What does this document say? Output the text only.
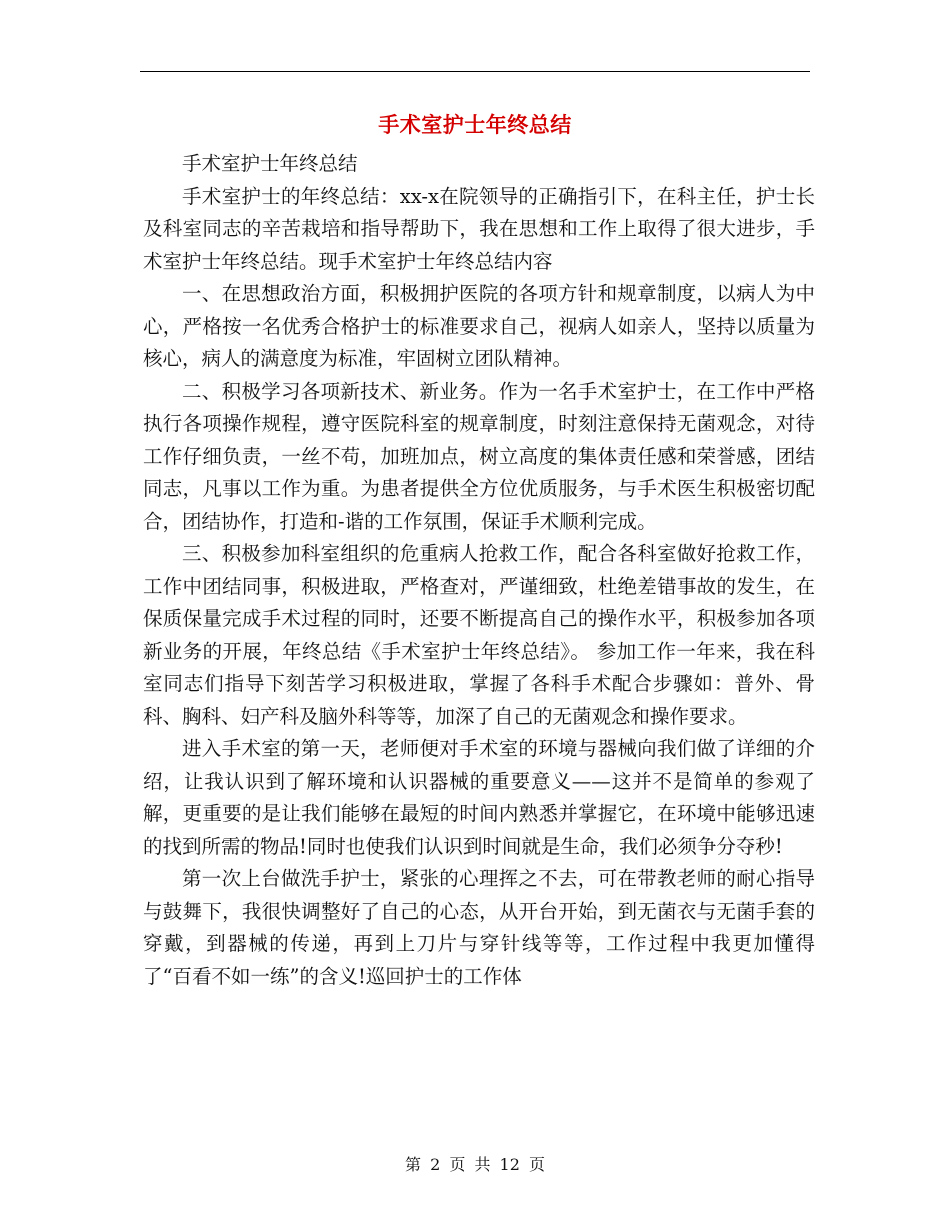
手术室护士年终总结

手术室护士年终总结

手术室护士的年终总结：xx-x在院领导的正确指引下，在科主任，护士长及科室同志的辛苦栽培和指导帮助下，我在思想和工作上取得了很大进步，手术室护士年终总结。现手术室护士年终总结内容

一、在思想政治方面，积极拥护医院的各项方针和规章制度，以病人为中心，严格按一名优秀合格护士的标准要求自己，视病人如亲人，坚持以质量为核心，病人的满意度为标准，牢固树立团队精神。

二、积极学习各项新技术、新业务。作为一名手术室护士，在工作中严格执行各项操作规程，遵守医院科室的规章制度，时刻注意保持无菌观念，对待工作仔细负责，一丝不苟，加班加点，树立高度的集体责任感和荣誉感，团结同志，凡事以工作为重。为患者提供全方位优质服务，与手术医生积极密切配合，团结协作，打造和-谐的工作氛围，保证手术顺利完成。

三、积极参加科室组织的危重病人抢救工作，配合各科室做好抢救工作，工作中团结同事，积极进取，严格查对，严谨细致，杜绝差错事故的发生，在保质保量完成手术过程的同时，还要不断提高自己的操作水平，积极参加各项新业务的开展，年终总结《手术室护士年终总结》。 参加工作一年来，我在科室同志们指导下刻苦学习积极进取，掌握了各科手术配合步骤如：普外、骨科、胸科、妇产科及脑外科等等，加深了自己的无菌观念和操作要求。

进入手术室的第一天，老师便对手术室的环境与器械向我们做了详细的介绍，让我认识到了解环境和认识器械的重要意义——这并不是简单的参观了解，更重要的是让我们能够在最短的时间内熟悉并掌握它，在环境中能够迅速的找到所需的物品!同时也使我们认识到时间就是生命，我们必须争分夺秒!

第一次上台做洗手护士，紧张的心理挥之不去，可在带教老师的耐心指导与鼓舞下，我很快调整好了自己的心态，从开台开始，到无菌衣与无菌手套的穿戴，到器械的传递，再到上刀片与穿针线等等，工作过程中我更加懂得了“百看不如一练”的含义!巡回护士的工作体

第 2 页 共 12 页
